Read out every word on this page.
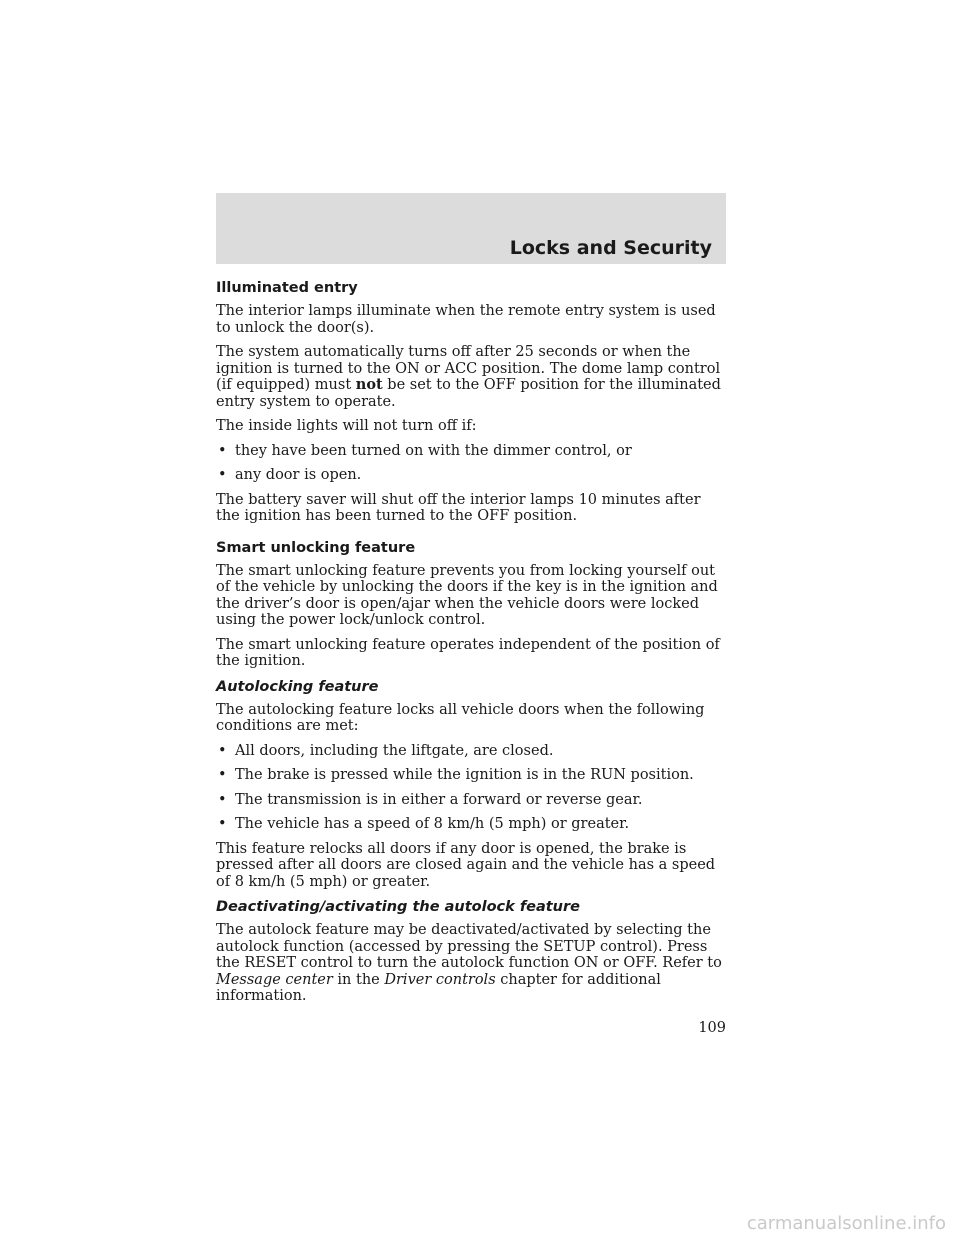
Locks and Security
Illuminated entry

The interior lamps illuminate when the remote entry system is used to unlock the door(s).

The system automatically turns off after 25 seconds or when the ignition is turned to the ON or ACC position. The dome lamp control (if equipped) must not be set to the OFF position for the illuminated entry system to operate.

The inside lights will not turn off if:

• they have been turned on with the dimmer control, or
• any door is open.

The battery saver will shut off the interior lamps 10 minutes after the ignition has been turned to the OFF position.

Smart unlocking feature

The smart unlocking feature prevents you from locking yourself out of the vehicle by unlocking the doors if the key is in the ignition and the driver’s door is open/ajar when the vehicle doors were locked using the power lock/unlock control.

The smart unlocking feature operates independent of the position of the ignition.

Autolocking feature

The autolocking feature locks all vehicle doors when the following conditions are met:

• All doors, including the liftgate, are closed.
• The brake is pressed while the ignition is in the RUN position.
• The transmission is in either a forward or reverse gear.
• The vehicle has a speed of 8 km/h (5 mph) or greater.

This feature relocks all doors if any door is opened, the brake is pressed after all doors are closed again and the vehicle has a speed of 8 km/h (5 mph) or greater.

Deactivating/activating the autolock feature

The autolock feature may be deactivated/activated by selecting the autolock function (accessed by pressing the SETUP control). Press the RESET control to turn the autolock function ON or OFF. Refer to Message center in the Driver controls chapter for additional information.

109
carmanualsonline.info
